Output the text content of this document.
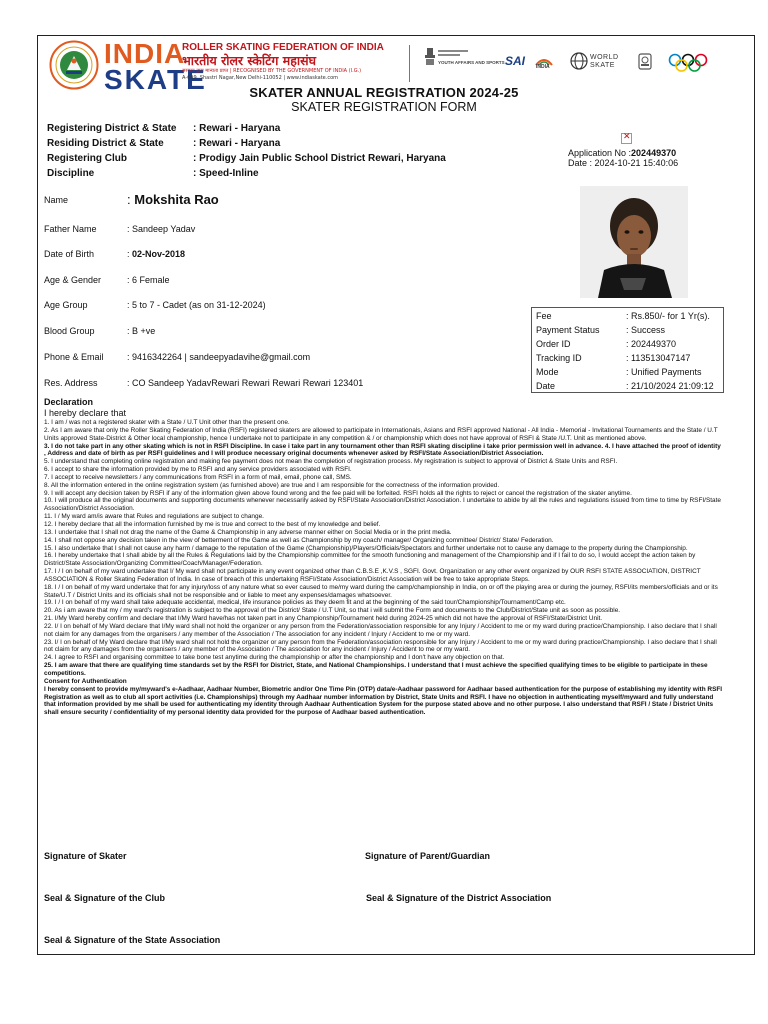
INDIA
SKATE
ROLLER SKATING FEDERATION OF INDIA
भारतीय रोलर स्केटिंग महासंघ
सरकार द्वारा मान्यता प्राप्त | RECOGNISED BY THE GOVERNMENT OF INDIA (I.G.)
A-699, Shastri Nagar,New Delhi-110052 | www.indiaskate.com
YOUTH AFFAIRS AND SPORTS SAI INDIA
WORLD SKATE
SKATER ANNUAL REGISTRATION 2024-25
SKATER REGISTRATION FORM
Registering District & State : Rewari - Haryana
Residing District & State	: Rewari - Haryana
Registering Club	: Prodigy Jain Public School District Rewari, Haryana
Discipline	: Speed-Inline
✕
Application No :202449370
Date : 2024-10-21 15:40:06
Name	: Mokshita Rao
Father Name	: Sandeep Yadav
Date of Birth	: 02-Nov-2018
Age & Gender	: 6 Female
Age Group	: 5 to 7 - Cadet (as on 31-12-2024)
Blood Group	: B +ve
Phone & Email	: 9416342264 | sandeepyadavihe@gmail.com
Res. Address	: CO Sandeep YadavRewari Rewari Rewari Rewari 123401
Fee	: Rs.850/- for 1 Yr(s).
Payment Status	: Success
Order ID	: 202449370
Tracking ID	: 113513047147
Mode	: Unified Payments
Date	: 21/10/2024 21:09:12
Declaration
I hereby declare that

1. I am / was not a registered skater with a State / U.T Unit other than the present one.

2. As I am aware that only the Roller Skating Federation of India (RSFI) registered skaters are allowed to participate in Internationals, Asians and RSFI approved National - All India - Memorial - Invitational Tournaments and the State / U.T Units approved State-District & Other local championship, hence I undertake not to participate in any competition & / or championship which does not have approval of RSFI & State /U.T. Unit as mentioned above.

3. I do not take part in any other skating which is not in RSFI Discipline. In case i take part in any tournament other than RSFI skating discipline i take prior permission well in advance. 4. I have attached the proof of identity , Address and date of birth as per RSFI guidelines and I will produce necessary original documents whenever asked by RSFI/State Association/District Association.

5. I understand that completing online registration and making fee payment does not mean the completion of registration process. My registration is subject to approval of District & State Units and RSFI.

6. I accept to share the information provided by me to RSFI and any service providers associated with RSFI.

7. I accept to receive newsletters / any communications from RSFI in a form of mail, email, phone call, SMS.

8. All the information entered in the online registration system (as furnished above) are true and I am responsible for the correctness of the information provided.

9. I will accept any decision taken by RSFI if any of the information given above found wrong and the fee paid will be forfeited. RSFI holds all the rights to reject or cancel the registration of the skater anytime.

10. I will produce all the original documents and supporting documents whenever necessarily asked by RSFI/State Association/District Association. I undertake to abide by all the rules and regulations issued from time to time by RSFI/State Association/District Association.

11. I / My ward am/is aware that Rules and regulations are subject to change.

12. I hereby declare that all the information furnished by me is true and correct to the best of my knowledge and belief.

13. I undertake that I shall not drag the name of the Game & Championship in any adverse manner either on Social Media or in the print media.

14. I shall not oppose any decision taken in the view of betterment of the Game as well as Championship by my coach/ manager/ Organizing committee/ District/ State/ Federation.

15. I also undertake that I shall not cause any harm / damage to the reputation of the Game (Championship)/Players/Officials/Spectators and further undertake not to cause any damage to the property during the Championship.

16. I hereby undertake that I shall abide by all the Rules & Regulations laid by the Championship committee for the smooth functioning and management of the Championship and if I fail to do so, I would accept the action taken by District/State Association/Organizing Committee/Coach/Manager/Federation.

17. I / I on behalf of my ward undertake that I/ My ward shall not participate in any event organized other than C.B.S.E ,K.V.S , SGFI. Govt. Organization or any other event organized by OUR RSFI STATE ASSOCIATION, DISTRICT ASSOCIATION & Roller Skating Federation of India. In case of breach of this undertaking RSFI/State Association/District Association will be free to take appropriate Steps.

18. I / I on behalf of my ward undertake that for any injury/loss of any nature what so ever caused to me/my ward during the camp/championship in India, on or off the playing area or during the journey, RSFI/its members/officials and or its State/U.T / District Units and its officials shall not be responsible and or liable to meet any expenses/damages whatsoever.

19. I / I on behalf of my ward shall take adequate accidental, medical, life insurance policies as they deem fit and at the beginning of the said tour/Championship/Tournament/Camp etc.

20. As i am aware that my / my ward's registration is subject to the approval of the District/ State / U.T Unit, so that i will submit the Form and documents to the Club/District/State unit as soon as possible.

21. I/My Ward hereby confirm and declare that I/My Ward have/has not taken part in any Championship/Tournament held during 2024-25 which did not have the approval of RSFI/State/District Unit.

22. I/ I on behalf of My Ward declare that I/My ward shall not hold the organizer or any person from the Federation/association responsible for any Injury / Accident to me or my ward during practice/Championship. I also declare that I shall not claim for any damages from the organisers / any member of the Association / The association for any incident / Injury / Accident to me or my ward.

23. I/ I on behalf of My Ward declare that I/My ward shall not hold the organizer or any person from the Federation/association responsible for any Injury / Accident to me or my ward during practice/Championship. I also declare that I shall not claim for any damages from the organisers / any member of the Association / The association for any incident / Injury / Accident to me or my ward.

24. I agree to RSFI and organising committee to take bone test anytime during the championship or after the championship and I don't have any objection on that.

25. I am aware that there are qualifying time standards set by the RSFI for District, State, and National Championships. I understand that I must achieve the specified qualifying times to be eligible to participate in these competitions.

Consent for Authentication

I hereby consent to provide my/myward's e-Aadhaar, Aadhaar Number, Biometric and/or One Time Pin (OTP) data/e-Aadhaar password for Aadhaar based authentication for the purpose of establishing my identity with RSFI Registration as well as to club all sport activities (i.e. Championships) through my Aadhaar number information by District, State Units and RSFI. I have no objection in authenticating myself/myward and fully understand that information provided by me shall be used for authenticating my identity through Aadhaar Authentication System for the purpose stated above and no other purpose. I also understand that RSFI / State / District Units shall ensure security / confidentiality of my personal identity data provided for the purpose of Aadhaar based authentication.

Signature of Skater	Signature of Parent/Guardian
Seal & Signature of the Club	Seal & Signature of the District Association
Seal & Signature of the State Association
